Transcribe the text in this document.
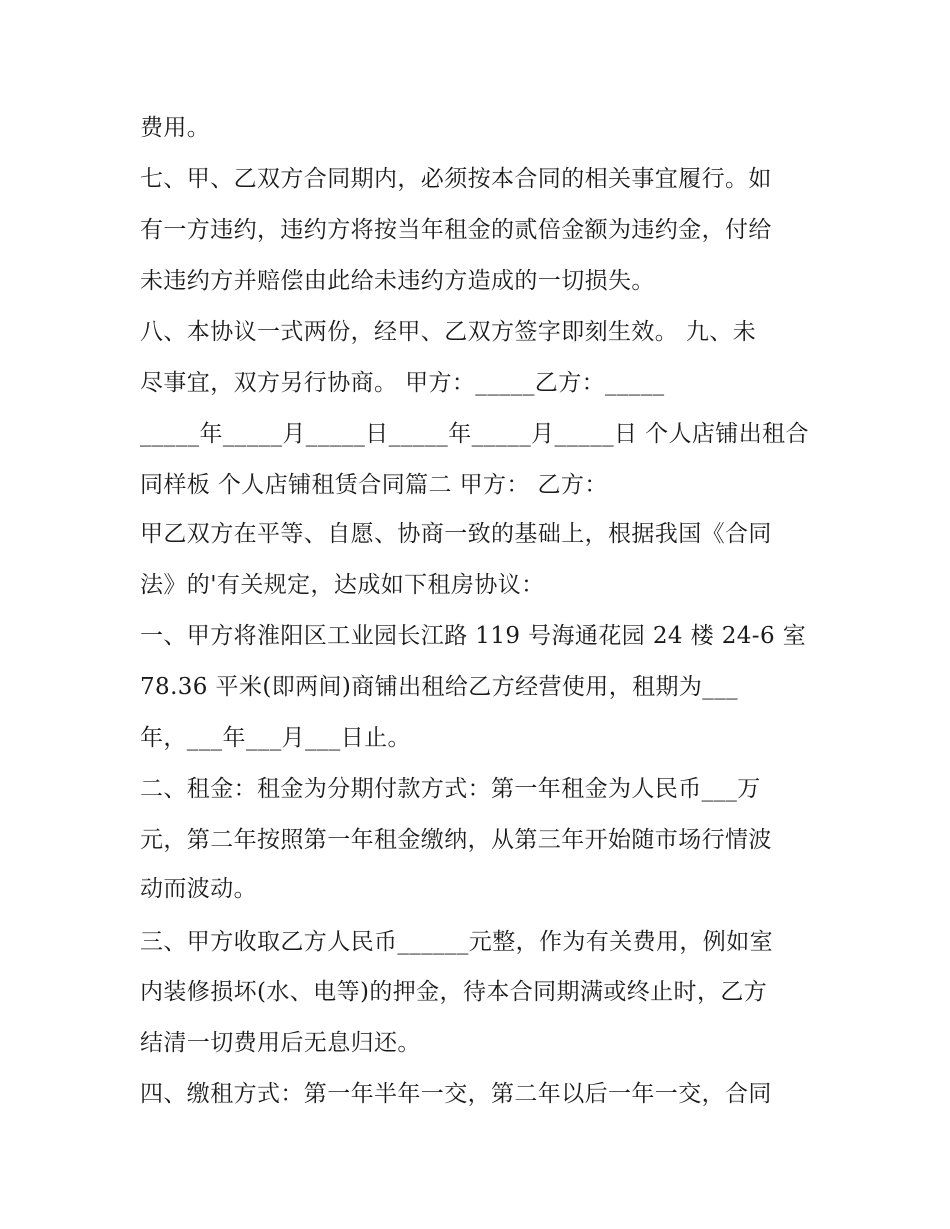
费用。
七、甲、乙双方合同期内，必须按本合同的相关事宜履行。如
有一方违约，违约方将按当年租金的贰倍金额为违约金，付给
未违约方并赔偿由此给未违约方造成的一切损失。
八、本协议一式两份，经甲、乙双方签字即刻生效。 九、未
尽事宜，双方另行协商。 甲方：_____乙方：_____
_____年_____月_____日_____年_____月_____日 个人店铺出租合
同样板 个人店铺租赁合同篇二 甲方： 乙方：
甲乙双方在平等、自愿、协商一致的基础上，根据我国《合同
法》的'有关规定，达成如下租房协议：
一、甲方将淮阳区工业园长江路 119 号海通花园 24 楼 24-6 室
78.36 平米(即两间)商铺出租给乙方经营使用，租期为___
年，___年___月___日止。
二、租金：租金为分期付款方式：第一年租金为人民币___万
元，第二年按照第一年租金缴纳，从第三年开始随市场行情波
动而波动。
三、甲方收取乙方人民币______元整，作为有关费用，例如室
内装修损坏(水、电等)的押金，待本合同期满或终止时，乙方
结清一切费用后无息归还。
四、缴租方式：第一年半年一交，第二年以后一年一交，合同
